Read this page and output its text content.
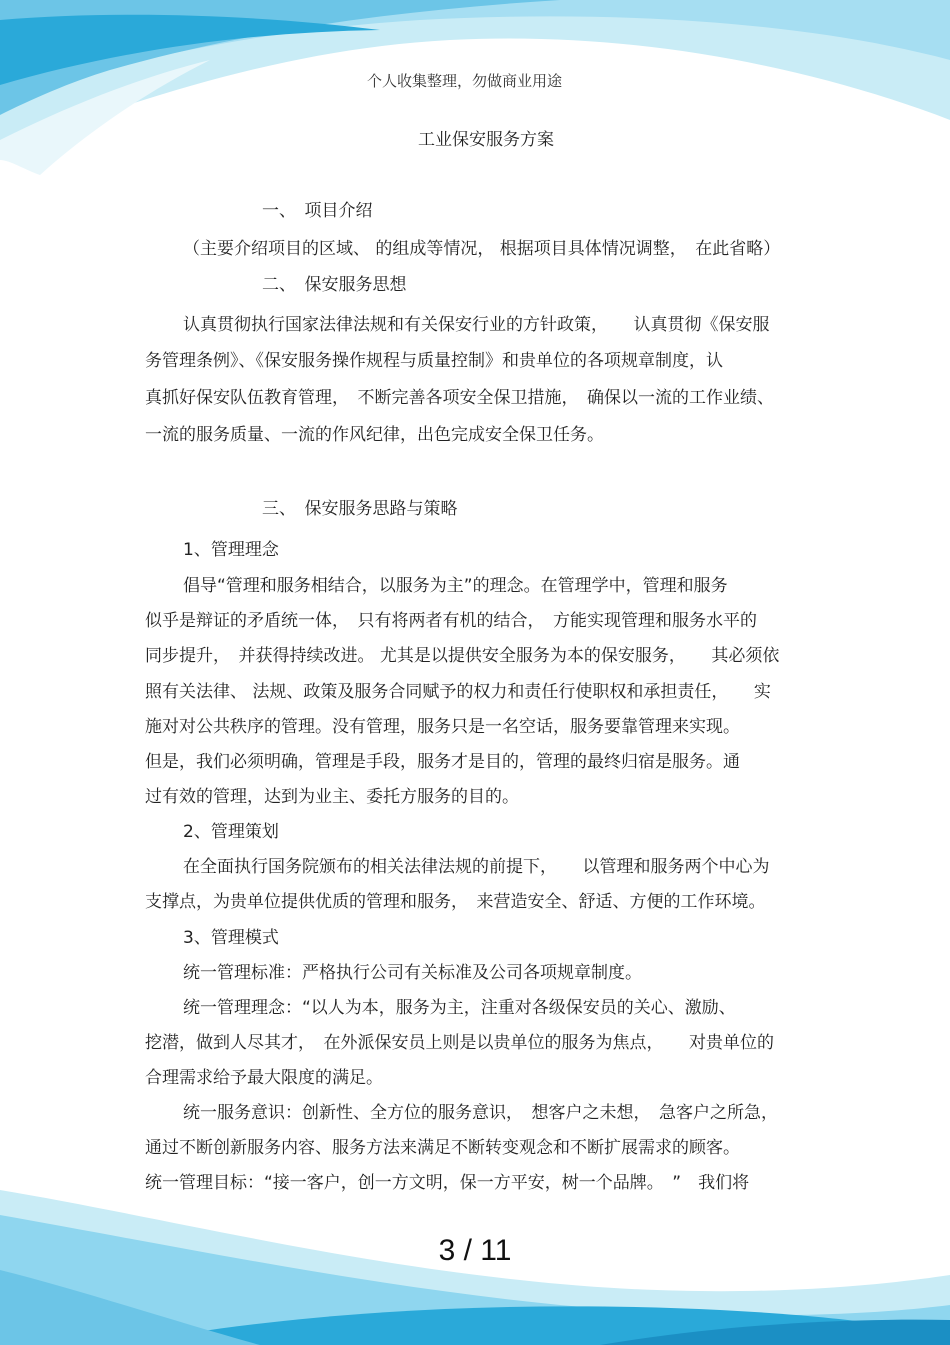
个人收集整理，勿做商业用途
工业保安服务方案
一、　项目介绍
（主要介绍项目的区域、 的组成等情况， 根据项目具体情况调整，　在此省略）
二、　保安服务思想
认真贯彻执行国家法律法规和有关保安行业的方针政策，　　认真贯彻《保安服
务管理条例》、《保安服务操作规程与质量控制》和贵单位的各项规章制度，认
真抓好保安队伍教育管理，　不断完善各项安全保卫措施，　确保以一流的工作业绩、
一流的服务质量、一流的作风纪律，出色完成安全保卫任务。
三、　保安服务思路与策略
1、管理理念
倡导“管理和服务相结合，以服务为主”的理念。在管理学中，管理和服务
似乎是辩证的矛盾统一体，　只有将两者有机的结合，　方能实现管理和服务水平的
同步提升，　并获得持续改进。 尤其是以提供安全服务为本的保安服务，　　其必须依
照有关法律、 法规、政策及服务合同赋予的权力和责任行使职权和承担责任，　　实
施对对公共秩序的管理。没有管理，服务只是一名空话，服务要靠管理来实现。
但是，我们必须明确，管理是手段，服务才是目的，管理的最终归宿是服务。通
过有效的管理，达到为业主、委托方服务的目的。
2、管理策划
在全面执行国务院颁布的相关法律法规的前提下，　　以管理和服务两个中心为
支撑点，为贵单位提供优质的管理和服务，　来营造安全、舒适、方便的工作环境。
3、管理模式
统一管理标准：严格执行公司有关标准及公司各项规章制度。
统一管理理念：“以人为本，服务为主，注重对各级保安员的关心、激励、
挖潜，做到人尽其才，　在外派保安员上则是以贵单位的服务为焦点，　　对贵单位的
合理需求给予最大限度的满足。
统一服务意识：创新性、全方位的服务意识，　想客户之未想，　急客户之所急，
通过不断创新服务内容、服务方法来满足不断转变观念和不断扩展需求的顾客。
统一管理目标：“接一客户，创一方文明，保一方平安，树一个品牌。　”　我们将
3 / 11
